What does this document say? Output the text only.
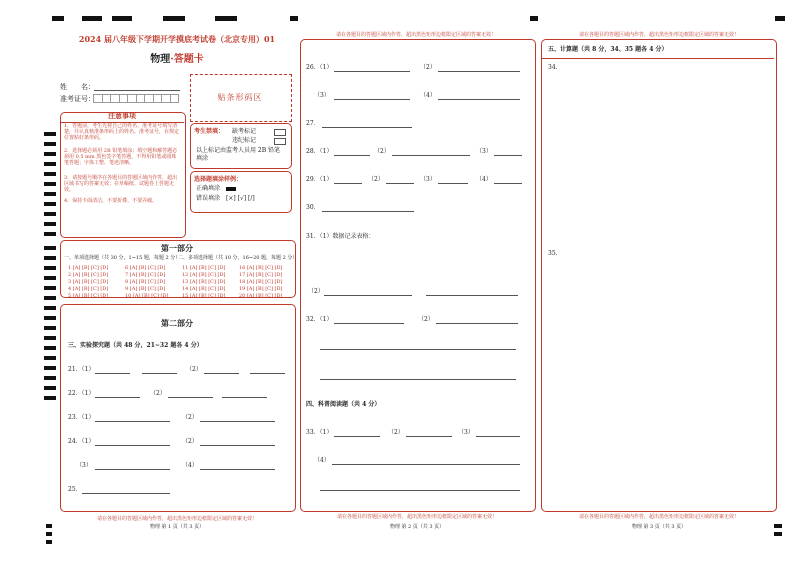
2024 届八年级下学期开学摸底考试卷（北京专用）01
物理·答题卡
姓　　名：
准考证号：	贴条形码区
注意事项
1．答题前，考生先将自己的姓名、准考证号填写清楚，并认真核准条形码上的姓名、准考证号，在规定位置贴好条形码。
2．选择题必须用 2B 铅笔填涂；填空题和解答题必须用 0.5 mm 黑色签字笔答题，不得用铅笔或圆珠笔答题；字体工整、笔迹清晰。
3．请按题号顺序在各题目的答题区域内作答，超出区域书写的答案无效；在草稿纸、试题卷上答题无效。
4．保持卡面清洁，不要折叠、不要弄破。
考生禁填： 缺考标记
违纪标记
以上标记由监考人员用 2B 铅笔填涂
选择题填涂样例：
正确填涂
错误填涂 [×] [√] [/]
第一部分
一、单项选择题（共 30 分，1~15 题，每题 2 分）
二、多项选择题（共 10 分，16~20 题，每题 2 分）
1 [A] [B] [C] [D]	6 [A] [B] [C] [D]	11 [A] [B] [C] [D]	16 [A] [B] [C] [D]
2 [A] [B] [C] [D]	7 [A] [B] [C] [D]	12 [A] [B] [C] [D]	17 [A] [B] [C] [D]
3 [A] [B] [C] [D]	8 [A] [B] [C] [D]	13 [A] [B] [C] [D]	18 [A] [B] [C] [D]
4 [A] [B] [C] [D]	9 [A] [B] [C] [D]	14 [A] [B] [C] [D]	19 [A] [B] [C] [D]
5 [A] [B] [C] [D]	10 [A] [B] [C] [D]	15 [A] [B] [C] [D]	20 [A] [B] [C] [D]
第二部分
三、实验探究题（共 48 分，21~32 题各 4 分）
21．（1）	（2）
22．（1）	（2）
23．（1）	（2）
24．（1）	（2）
（3）	（4）
25．
请在各题目的答题区域内作答，超出黑色矩形边框限定区域的答案无效！
物理 第 1 页（共 3 页）
请在各题目的答题区域内作答，超出黑色矩形边框限定区域的答案无效！
26．（1）	（2）
（3）	（4）
27．
28．（1）	（2）	（3）
29．（1）	（2）	（3）	（4）
30．
31．（1）数据记录表格：
（2）
32．（1）	（2）
四、科普阅读题（共 4 分）
33．（1）	（2）	（3）
（4）
请在各题目的答题区域内作答，超出黑色矩形边框限定区域的答案无效！
物理 第 2 页（共 3 页）
请在各题目的答题区域内作答，超出黑色矩形边框限定区域的答案无效！
五、计算题（共 8 分，34、35 题各 4 分）
34.
35.
请在各题目的答题区域内作答，超出黑色矩形边框限定区域的答案无效！
物理 第 3 页（共 3 页）
